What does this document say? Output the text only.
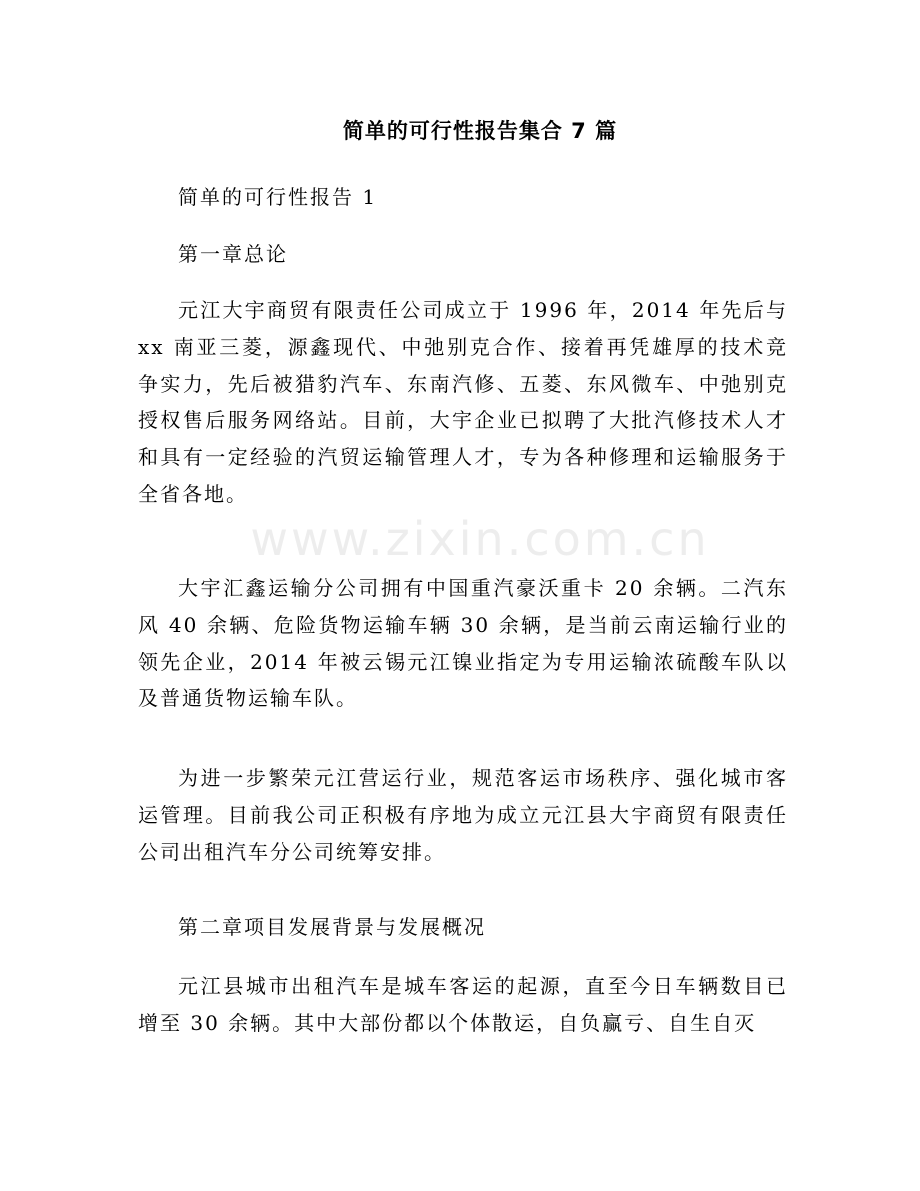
简单的可行性报告集合 7 篇
简单的可行性报告 1
第一章总论
元江大宇商贸有限责任公司成立于 1996 年，2014 年先后与 xx 南亚三菱，源鑫现代、中弛别克合作、接着再凭雄厚的技术竞争实力，先后被猎豹汽车、东南汽修、五菱、东风微车、中弛别克授权售后服务网络站。目前，大宇企业已拟聘了大批汽修技术人才和具有一定经验的汽贸运输管理人才，专为各种修理和运输服务于全省各地。
大宇汇鑫运输分公司拥有中国重汽豪沃重卡 20 余辆。二汽东风 40 余辆、危险货物运输车辆 30 余辆，是当前云南运输行业的领先企业，2014 年被云锡元江镍业指定为专用运输浓硫酸车队以及普通货物运输车队。
为进一步繁荣元江营运行业，规范客运市场秩序、强化城市客运管理。目前我公司正积极有序地为成立元江县大宇商贸有限责任公司出租汽车分公司统筹安排。
第二章项目发展背景与发展概况
元江县城市出租汽车是城车客运的起源，直至今日车辆数目已增至 30 余辆。其中大部份都以个体散运，自负赢亏、自生自灭
www.zixin.com.cn
